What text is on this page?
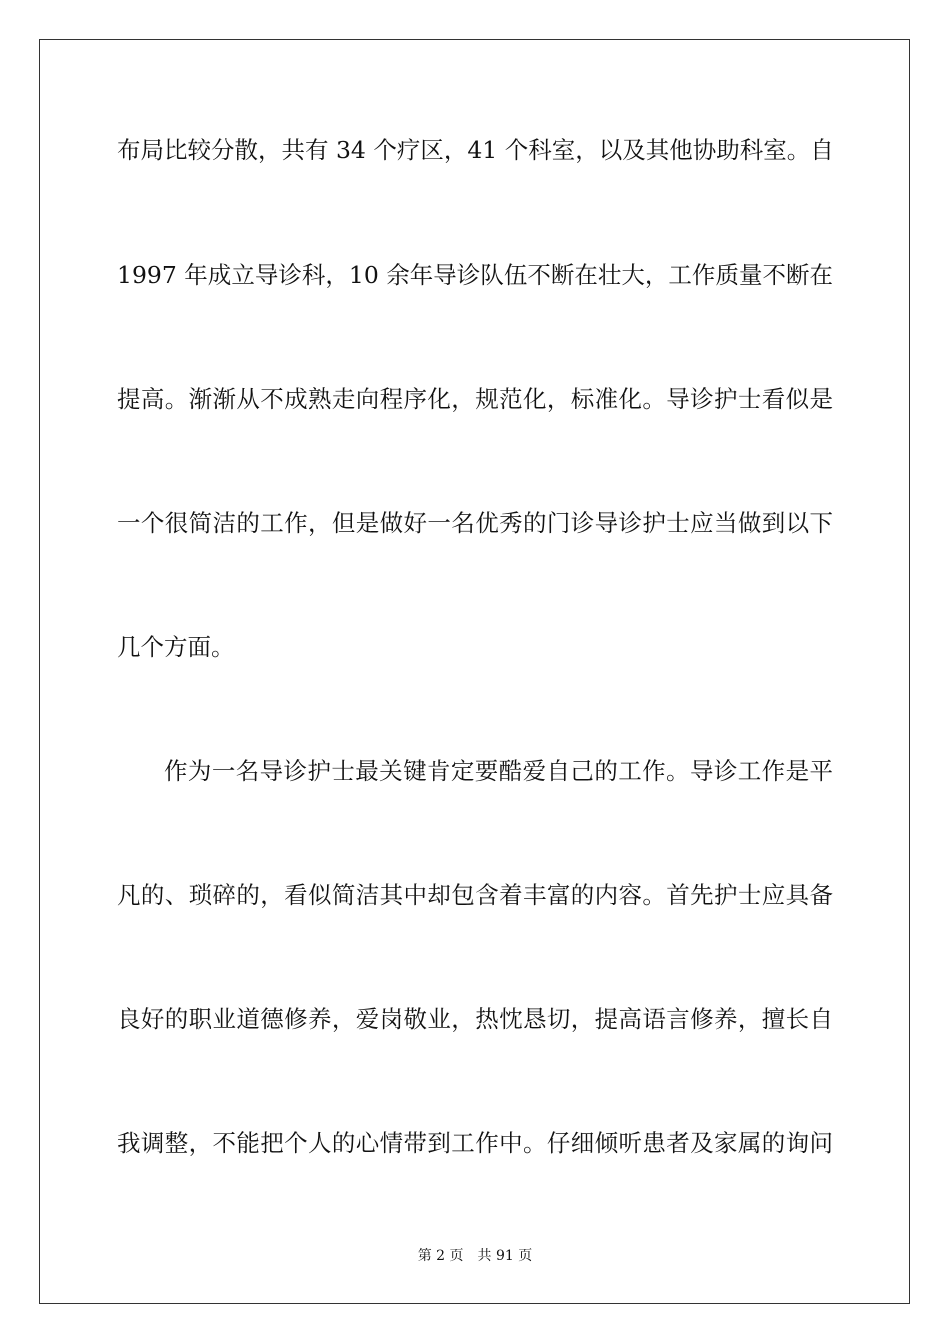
布局比较分散，共有 34 个疗区，41 个科室，以及其他协助科室。自
1997 年成立导诊科，10 余年导诊队伍不断在壮大，工作质量不断在
提高。渐渐从不成熟走向程序化，规范化，标准化。导诊护士看似是
一个很简洁的工作，但是做好一名优秀的门诊导诊护士应当做到以下
几个方面。
作为一名导诊护士最关键肯定要酷爱自己的工作。导诊工作是平
凡的、琐碎的，看似简洁其中却包含着丰富的内容。首先护士应具备
良好的职业道德修养，爱岗敬业，热忱恳切，提高语言修养，擅长自
我调整，不能把个人的心情带到工作中。仔细倾听患者及家属的询问
第 2 页 共 91 页
